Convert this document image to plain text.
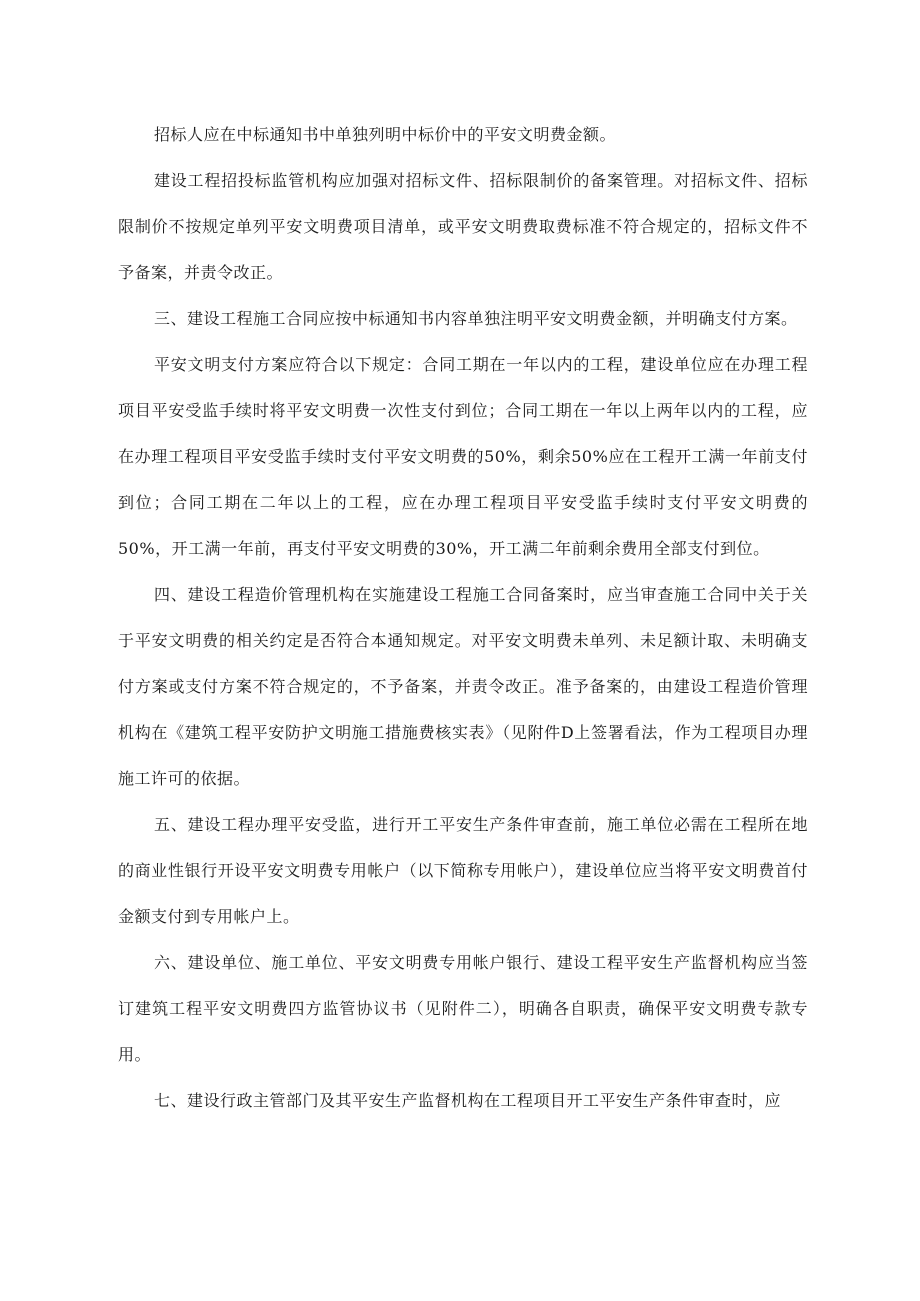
招标人应在中标通知书中单独列明中标价中的平安文明费金额。

建设工程招投标监管机构应加强对招标文件、招标限制价的备案管理。对招标文件、招标限制价不按规定单列平安文明费项目清单，或平安文明费取费标准不符合规定的，招标文件不予备案，并责令改正。

三、建设工程施工合同应按中标通知书内容单独注明平安文明费金额，并明确支付方案。

平安文明支付方案应符合以下规定：合同工期在一年以内的工程，建设单位应在办理工程项目平安受监手续时将平安文明费一次性支付到位；合同工期在一年以上两年以内的工程，应在办理工程项目平安受监手续时支付平安文明费的50%，剩余50%应在工程开工满一年前支付到位；合同工期在二年以上的工程，应在办理工程项目平安受监手续时支付平安文明费的50%，开工满一年前，再支付平安文明费的30%，开工满二年前剩余费用全部支付到位。

四、建设工程造价管理机构在实施建设工程施工合同备案时，应当审查施工合同中关于关于平安文明费的相关约定是否符合本通知规定。对平安文明费未单列、未足额计取、未明确支付方案或支付方案不符合规定的，不予备案，并责令改正。准予备案的，由建设工程造价管理机构在《建筑工程平安防护文明施工措施费核实表》（见附件D上签署看法，作为工程项目办理施工许可的依据。

五、建设工程办理平安受监，进行开工平安生产条件审查前，施工单位必需在工程所在地的商业性银行开设平安文明费专用帐户（以下简称专用帐户），建设单位应当将平安文明费首付金额支付到专用帐户上。

六、建设单位、施工单位、平安文明费专用帐户银行、建设工程平安生产监督机构应当签订建筑工程平安文明费四方监管协议书（见附件二），明确各自职责，确保平安文明费专款专用。

七、建设行政主管部门及其平安生产监督机构在工程项目开工平安生产条件审查时，应
